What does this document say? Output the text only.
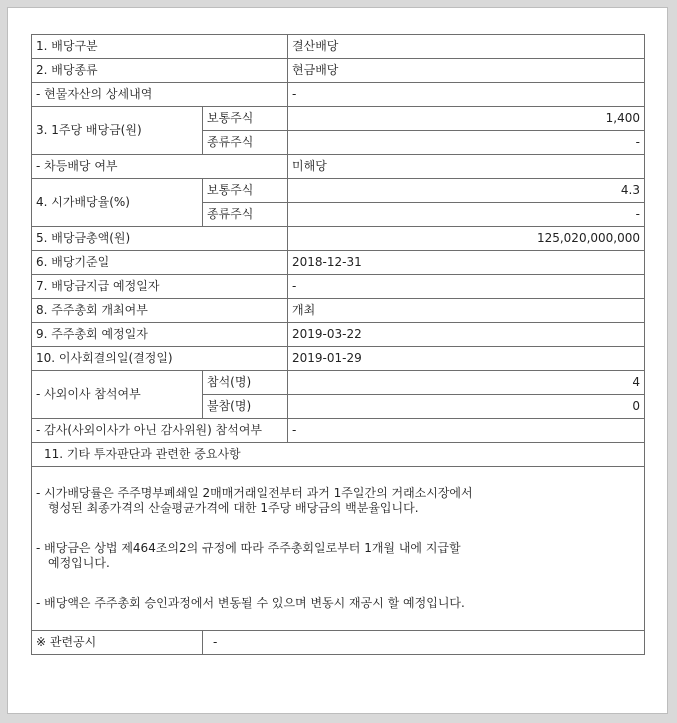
1. 배당구분		결산배당
2. 배당종류		현금배당
- 현물자산의 상세내역		-
3. 1주당 배당금(원)	보통주식	1,400
	종류주식	-
- 차등배당 여부		미해당
4. 시가배당율(%)	보통주식	4.3
	종류주식	-
5. 배당금총액(원)		125,020,000,000
6. 배당기준일		2018-12-31
7. 배당금지급 예정일자		-
8. 주주총회 개최여부		개최
9. 주주총회 예정일자		2019-03-22
10. 이사회결의일(결정일)		2019-01-29
- 사외이사 참석여부	참석(명)	4
	불참(명)	0
- 감사(사외이사가 아닌 감사위원) 참석여부		-
11. 기타 투자판단과 관련한 중요사항		

- 시가배당률은 주주명부폐쇄일 2매매거래일전부터 과거 1주일간의 거래소시장에서
형성된 최종가격의 산술평균가격에 대한 1주당 배당금의 백분율입니다.

- 배당금은 상법 제464조의2의 규정에 따라 주주총회일로부터 1개월 내에 지급할
예정입니다.

- 배당액은 주주총회 승인과정에서 변동될 수 있으며 변동시 재공시 할 예정입니다.		

※ 관련공시	-	
